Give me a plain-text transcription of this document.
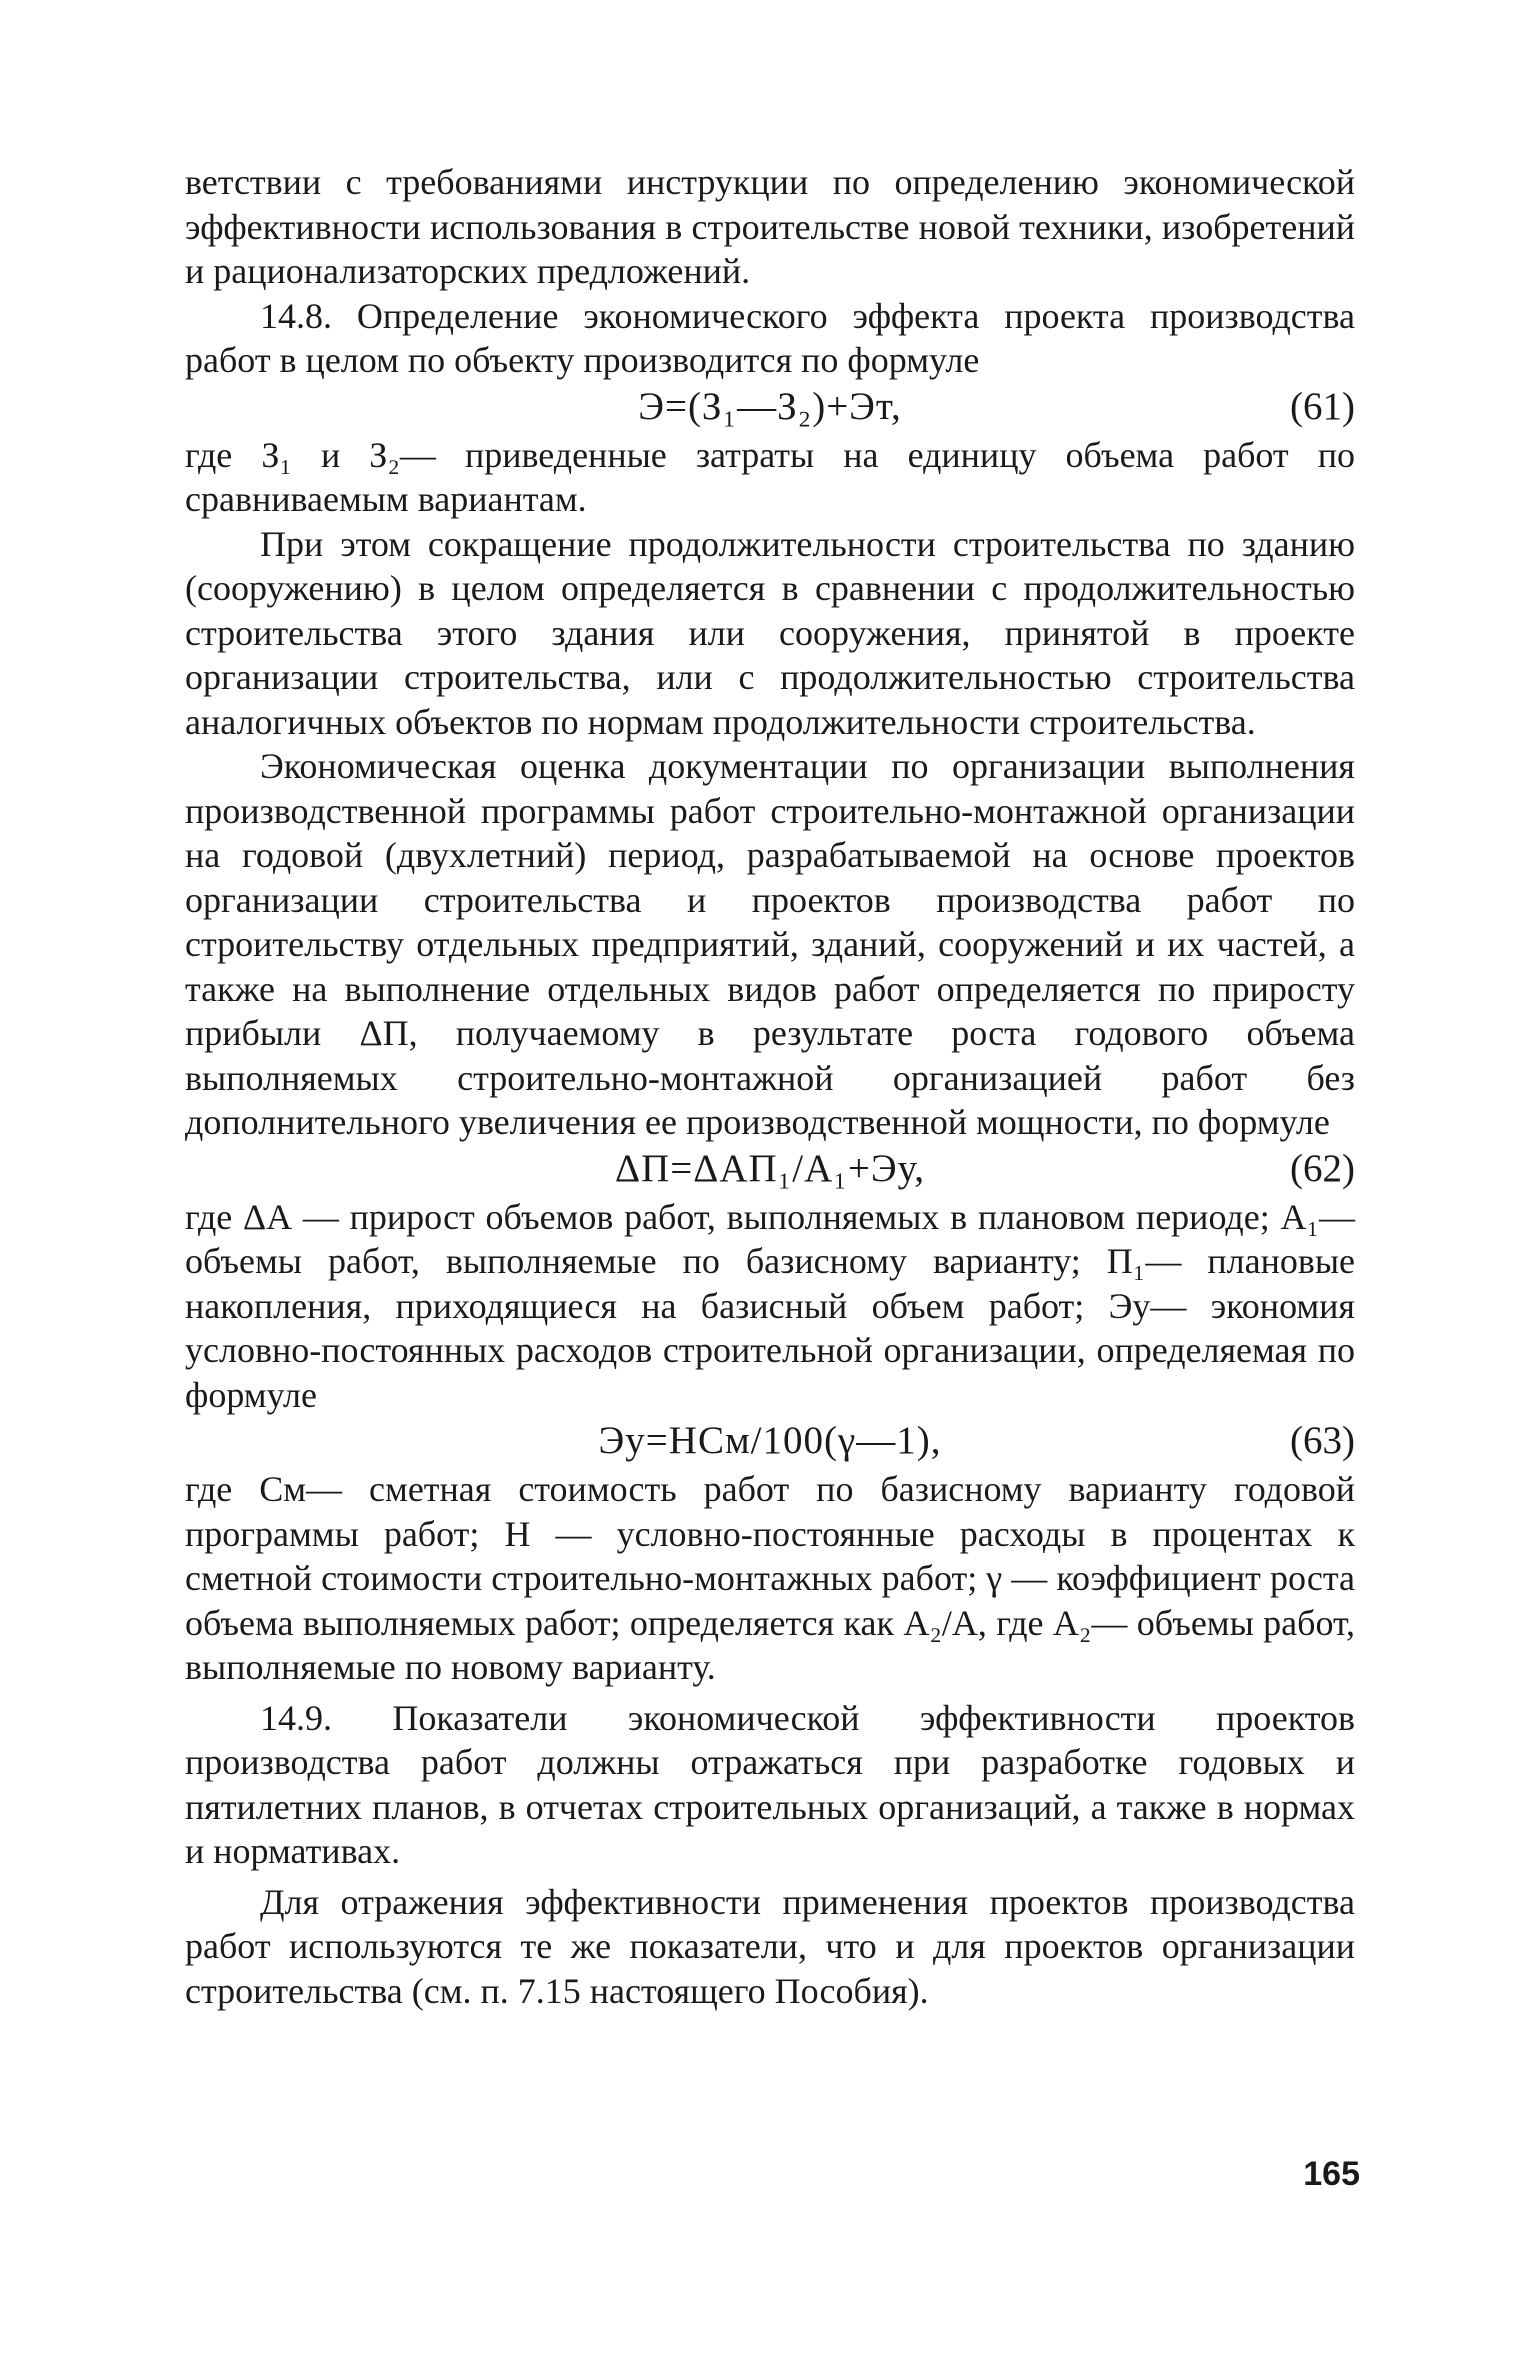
ветствии с требованиями инструкции по определению экономической эффективности использования в строительстве новой техники, изобретений и рационализаторских предложений.

14.8. Определение экономического эффекта проекта производства работ в целом по объекту производится по формуле

Э=(З₁—З₂)+Эт,	(61)

где З₁ и З₂— приведенные затраты на единицу объема работ по сравниваемым вариантам.

При этом сокращение продолжительности строительства по зданию (сооружению) в целом определяется в сравнении с продолжительностью строительства этого здания или сооружения, принятой в проекте организации строительства, или с продолжительностью строительства аналогичных объектов по нормам продолжительности строительства.

Экономическая оценка документации по организации выполнения производственной программы работ строительно-монтажной организации на годовой (двухлетний) период, разрабатываемой на основе проектов организации строительства и проектов производства работ по строительству отдельных предприятий, зданий, сооружений и их частей, а также на выполнение отдельных видов работ определяется по приросту прибыли ΔП, получаемому в результате роста годового объема выполняемых строительно-монтажной организацией работ без дополнительного увеличения ее производственной мощности, по формуле

ΔП=ΔАП₁/А₁+Эу,	(62)

где ΔА — прирост объемов работ, выполняемых в плановом периоде; А₁— объемы работ, выполняемые по базисному варианту; П₁— плановые накопления, приходящиеся на базисный объем работ; Эу— экономия условно-постоянных расходов строительной организации, определяемая по формуле

Эу=НСм/100(γ—1),	(63)

где См— сметная стоимость работ по базисному варианту годовой программы работ; Н — условно-постоянные расходы в процентах к сметной стоимости строительно-монтажных работ; γ — коэффициент роста объема выполняемых работ; определяется как А₂/А, где А₂— объемы работ, выполняемые по новому варианту.

14.9. Показатели экономической эффективности проектов производства работ должны отражаться при разработке годовых и пятилетних планов, в отчетах строительных организаций, а также в нормах и нормативах.

Для отражения эффективности применения проектов производства работ используются те же показатели, что и для проектов организации строительства (см. п. 7.15 настоящего Пособия).

165
